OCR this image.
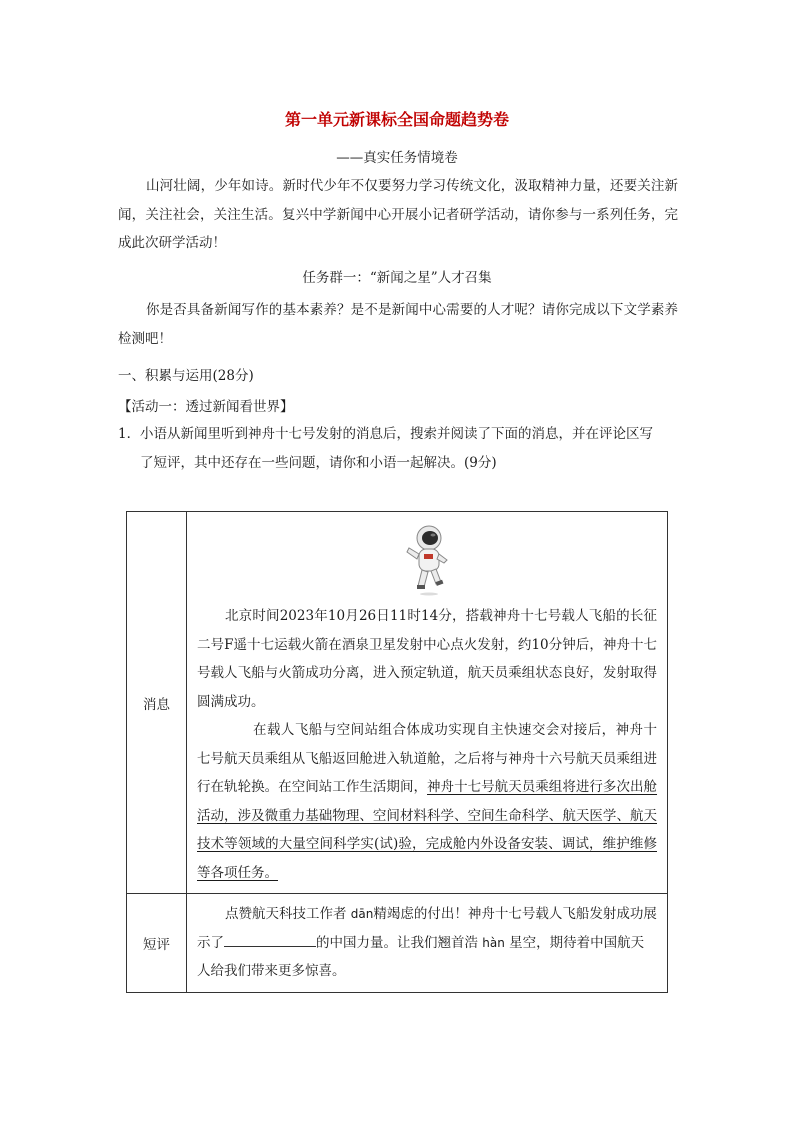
第一单元新课标全国命题趋势卷
——真实任务情境卷
山河壮阔，少年如诗。新时代少年不仅要努力学习传统文化，汲取精神力量，还要关注新闻，关注社会，关注生活。复兴中学新闻中心开展小记者研学活动，请你参与一系列任务，完成此次研学活动！
任务群一：“新闻之星”人才召集
你是否具备新闻写作的基本素养？是不是新闻中心需要的人才呢？请你完成以下文学素养检测吧！
一、积累与运用(28分)
【活动一：透过新闻看世界】
1．小语从新闻里听到神舟十七号发射的消息后，搜索并阅读了下面的消息，并在评论区写
了短评，其中还存在一些问题，请你和小语一起解决。(9分)
消息	北京时间2023年10月26日11时14分，搭载神舟十七号载人飞船的长征二号F遥十七运载火箭在酒泉卫星发射中心点火发射，约10分钟后，神舟十七号载人飞船与火箭成功分离，进入预定轨道，航天员乘组状态良好，发射取得圆满成功。
在载人飞船与空间站组合体成功实现自主快速交会对接后，神舟十七号航天员乘组从飞船返回舱进入轨道舱，之后将与神舟十六号航天员乘组进行在轨轮换。在空间站工作生活期间，神舟十七号航天员乘组将进行多次出舱活动，涉及微重力基础物理、空间材料科学、空间生命科学、航天医学、航天技术等领域的大量空间科学实(试)验，完成舱内外设备安装、调试，维护维修等各项任务。

短评	点赞航天科技工作者 dān精竭虑的付出！神舟十七号载人飞船发射成功展示了 的中国力量。让我们翘首浩 hàn 星空，期待着中国航天人给我们带来更多惊喜。
